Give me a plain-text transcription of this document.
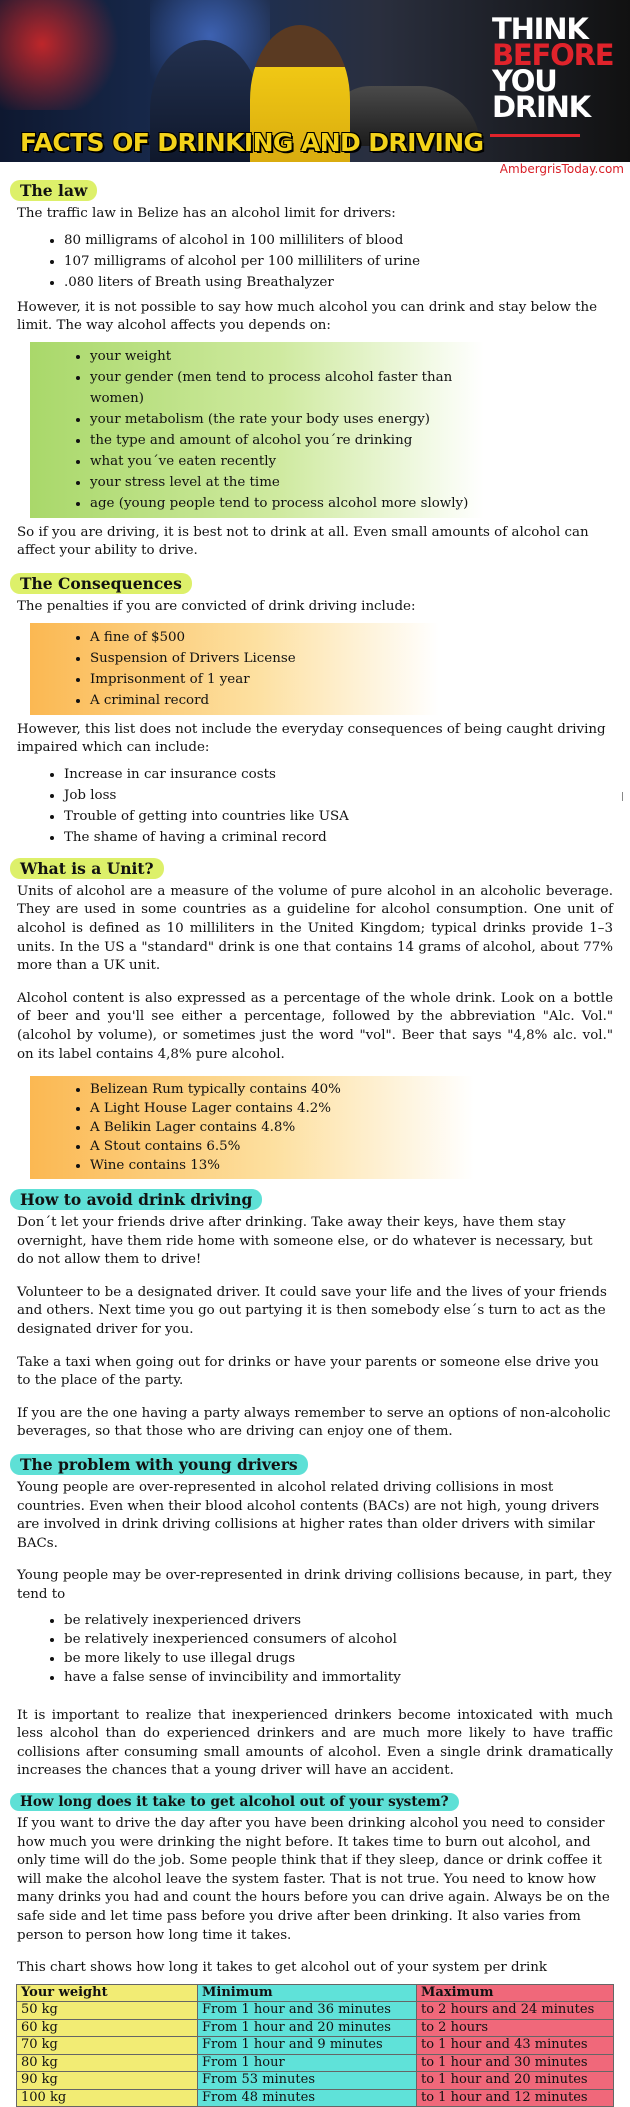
FACTS OF DRINKING AND DRIVING
THINK
BEFORE
YOU
DRINK
AmbergrisToday.com
The law

The traffic law in Belize has an alcohol limit for drivers:

• 80 milligrams of alcohol in 100 milliliters of blood
• 107 milligrams of alcohol per 100 milliliters of urine
• .080 liters of Breath using Breathalyzer

However, it is not possible to say how much alcohol you can drink and stay below the limit. The way alcohol affects you depends on:

• your weight
• your gender (men tend to process alcohol faster than women)
• your metabolism (the rate your body uses energy)
• the type and amount of alcohol you´re drinking
• what you´ve eaten recently
• your stress level at the time
• age (young people tend to process alcohol more slowly)

So if you are driving, it is best not to drink at all. Even small amounts of alcohol can affect your ability to drive.

The Consequences

The penalties if you are convicted of drink driving include:

• A fine of $500
• Suspension of Drivers License
• Imprisonment of 1 year
• A criminal record

However, this list does not include the everyday consequences of being caught driving impaired which can include:

• Increase in car insurance costs
• Job loss
• Trouble of getting into countries like USA
• The shame of having a criminal record
What is a Unit?

Units of alcohol are a measure of the volume of pure alcohol in an alcoholic beverage. They are used in some countries as a guideline for alcohol consumption. One unit of alcohol is defined as 10 milliliters in the United Kingdom; typical drinks provide 1–3 units. In the US a "standard" drink is one that contains 14 grams of alcohol, about 77% more than a UK unit.

Alcohol content is also expressed as a percentage of the whole drink. Look on a bottle of beer and you'll see either a percentage, followed by the abbreviation "Alc. Vol." (alcohol by volume), or sometimes just the word "vol". Beer that says "4,8% alc. vol." on its label contains 4,8% pure alcohol.

• Belizean Rum typically contains 40%
• A Light House Lager contains 4.2%
• A Belikin Lager contains 4.8%
• A Stout contains 6.5%
• Wine contains 13%
How to avoid drink driving

Don´t let your friends drive after drinking. Take away their keys, have them stay overnight, have them ride home with someone else, or do whatever is necessary, but do not allow them to drive!

Volunteer to be a designated driver. It could save your life and the lives of your friends and others. Next time you go out partying it is then somebody else´s turn to act as the designated driver for you.

Take a taxi when going out for drinks or have your parents or someone else drive you to the place of the party.

If you are the one having a party always remember to serve an options of non-alcoholic beverages, so that those who are driving can enjoy one of them.

The problem with young drivers

Young people are over-represented in alcohol related driving collisions in most countries. Even when their blood alcohol contents (BACs) are not high, young drivers are involved in drink driving collisions at higher rates than older drivers with similar BACs.

Young people may be over-represented in drink driving collisions because, in part, they tend to

• be relatively inexperienced drivers
• be relatively inexperienced consumers of alcohol
• be more likely to use illegal drugs
• have a false sense of invincibility and immortality

It is important to realize that inexperienced drinkers become intoxicated with much less alcohol than do experienced drinkers and are much more likely to have traffic collisions after consuming small amounts of alcohol. Even a single drink dramatically increases the chances that a young driver will have an accident.

How long does it take to get alcohol out of your system?

If you want to drive the day after you have been drinking alcohol you need to consider how much you were drinking the night before. It takes time to burn out alcohol, and only time will do the job. Some people think that if they sleep, dance or drink coffee it will make the alcohol leave the system faster. That is not true. You need to know how many drinks you had and count the hours before you can drive again. Always be on the safe side and let time pass before you drive after been drinking. It also varies from person to person how long time it takes.

This chart shows how long it takes to get alcohol out of your system per drink

Your weight	Minimum	Maximum
50 kg	From 1 hour and 36 minutes	to 2 hours and 24 minutes
60 kg	From 1 hour and 20 minutes	to 2 hours
70 kg	From 1 hour and 9 minutes	to 1 hour and 43 minutes
80 kg	From 1 hour	to 1 hour and 30 minutes
90 kg	From 53 minutes	to 1 hour and 20 minutes
100 kg	From 48 minutes	to 1 hour and 12 minutes
